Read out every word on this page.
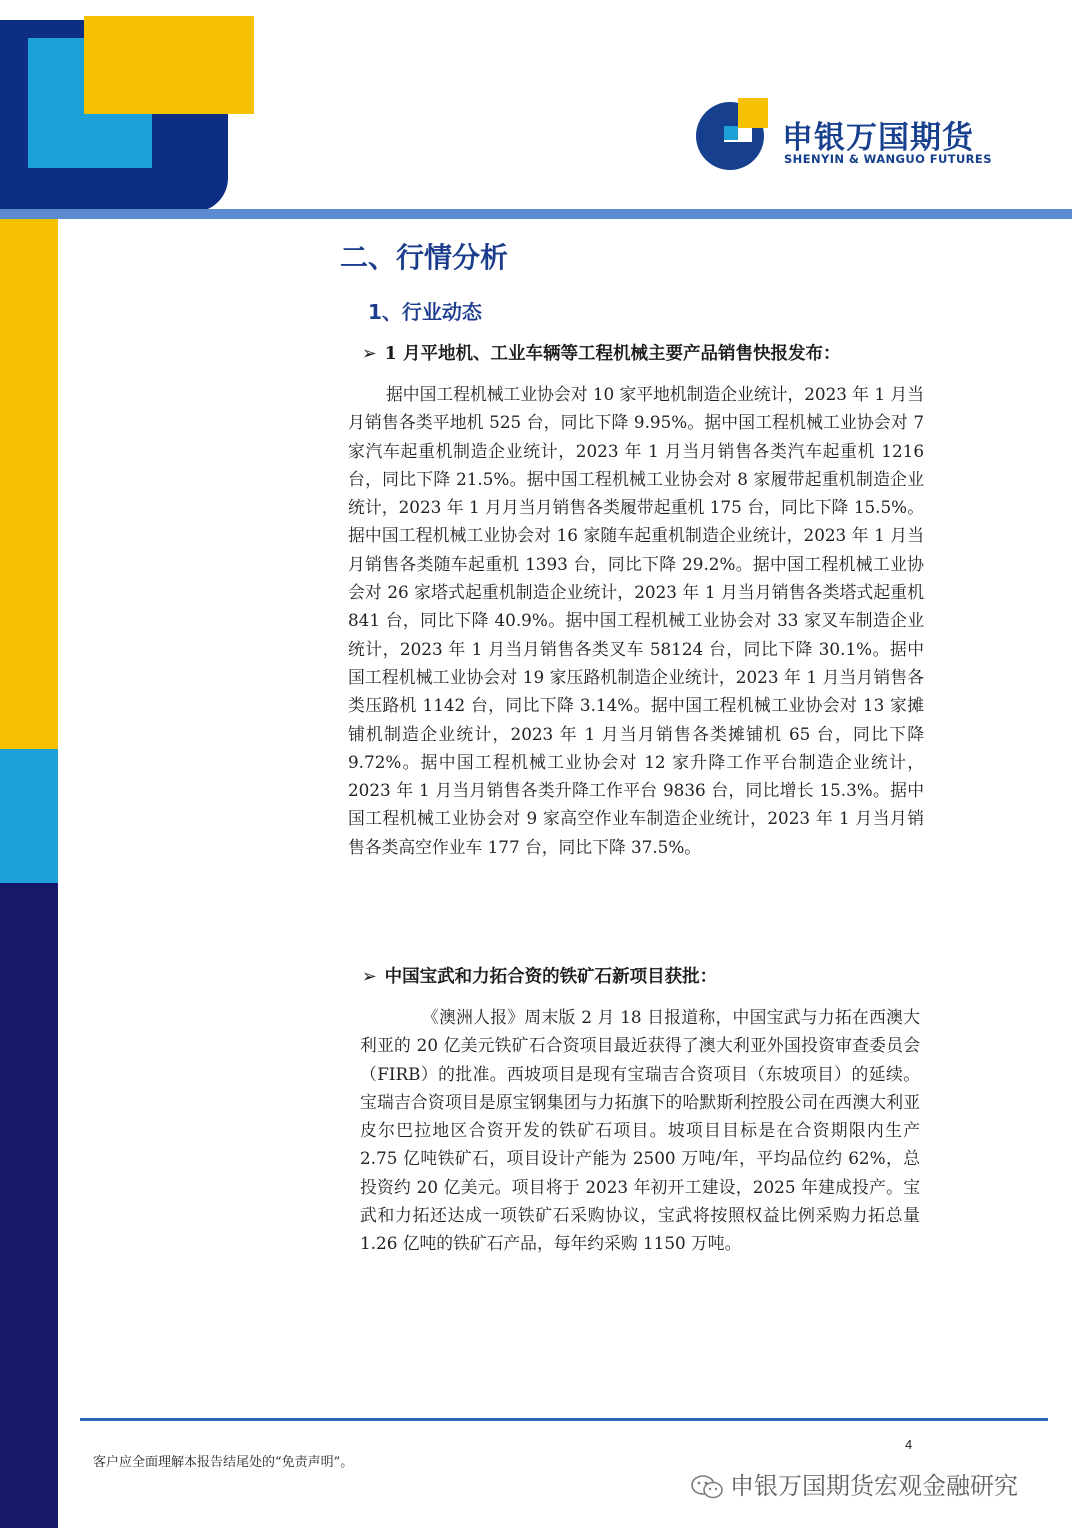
申银万国期货
SHENYIN & WANGUO FUTURES
二、行情分析
1、行业动态
➢ 1 月平地机、工业车辆等工程机械主要产品销售快报发布：
据中国工程机械工业协会对 10 家平地机制造企业统计，2023 年 1 月当月销售各类平地机 525 台，同比下降 9.95%。据中国工程机械工业协会对 7 家汽车起重机制造企业统计，2023 年 1 月当月销售各类汽车起重机 1216 台，同比下降 21.5%。据中国工程机械工业协会对 8 家履带起重机制造企业统计，2023 年 1 月月当月销售各类履带起重机 175 台，同比下降 15.5%。据中国工程机械工业协会对 16 家随车起重机制造企业统计，2023 年 1 月当月销售各类随车起重机 1393 台，同比下降 29.2%。据中国工程机械工业协会对 26 家塔式起重机制造企业统计，2023 年 1 月当月销售各类塔式起重机 841 台，同比下降 40.9%。据中国工程机械工业协会对 33 家叉车制造企业统计，2023 年 1 月当月销售各类叉车 58124 台，同比下降 30.1%。据中国工程机械工业协会对 19 家压路机制造企业统计，2023 年 1 月当月销售各类压路机 1142 台，同比下降 3.14%。据中国工程机械工业协会对 13 家摊铺机制造企业统计，2023 年 1 月当月销售各类摊铺机 65 台，同比下降 9.72%。据中国工程机械工业协会对 12 家升降工作平台制造企业统计，2023 年 1 月当月销售各类升降工作平台 9836 台，同比增长 15.3%。据中国工程机械工业协会对 9 家高空作业车制造企业统计，2023 年 1 月当月销售各类高空作业车 177 台，同比下降 37.5%。
➢ 中国宝武和力拓合资的铁矿石新项目获批：
《澳洲人报》周末版 2 月 18 日报道称，中国宝武与力拓在西澳大利亚的 20 亿美元铁矿石合资项目最近获得了澳大利亚外国投资审查委员会（FIRB）的批准。西坡项目是现有宝瑞吉合资项目（东坡项目）的延续。宝瑞吉合资项目是原宝钢集团与力拓旗下的哈默斯利控股公司在西澳大利亚皮尔巴拉地区合资开发的铁矿石项目。坡项目目标是在合资期限内生产 2.75 亿吨铁矿石，项目设计产能为 2500 万吨/年，平均品位约 62%，总投资约 20 亿美元。项目将于 2023 年初开工建设，2025 年建成投产。宝武和力拓还达成一项铁矿石采购协议，宝武将按照权益比例采购力拓总量 1.26 亿吨的铁矿石产品，每年约采购 1150 万吨。
4
客户应全面理解本报告结尾处的“免责声明”。
申银万国期货宏观金融研究
